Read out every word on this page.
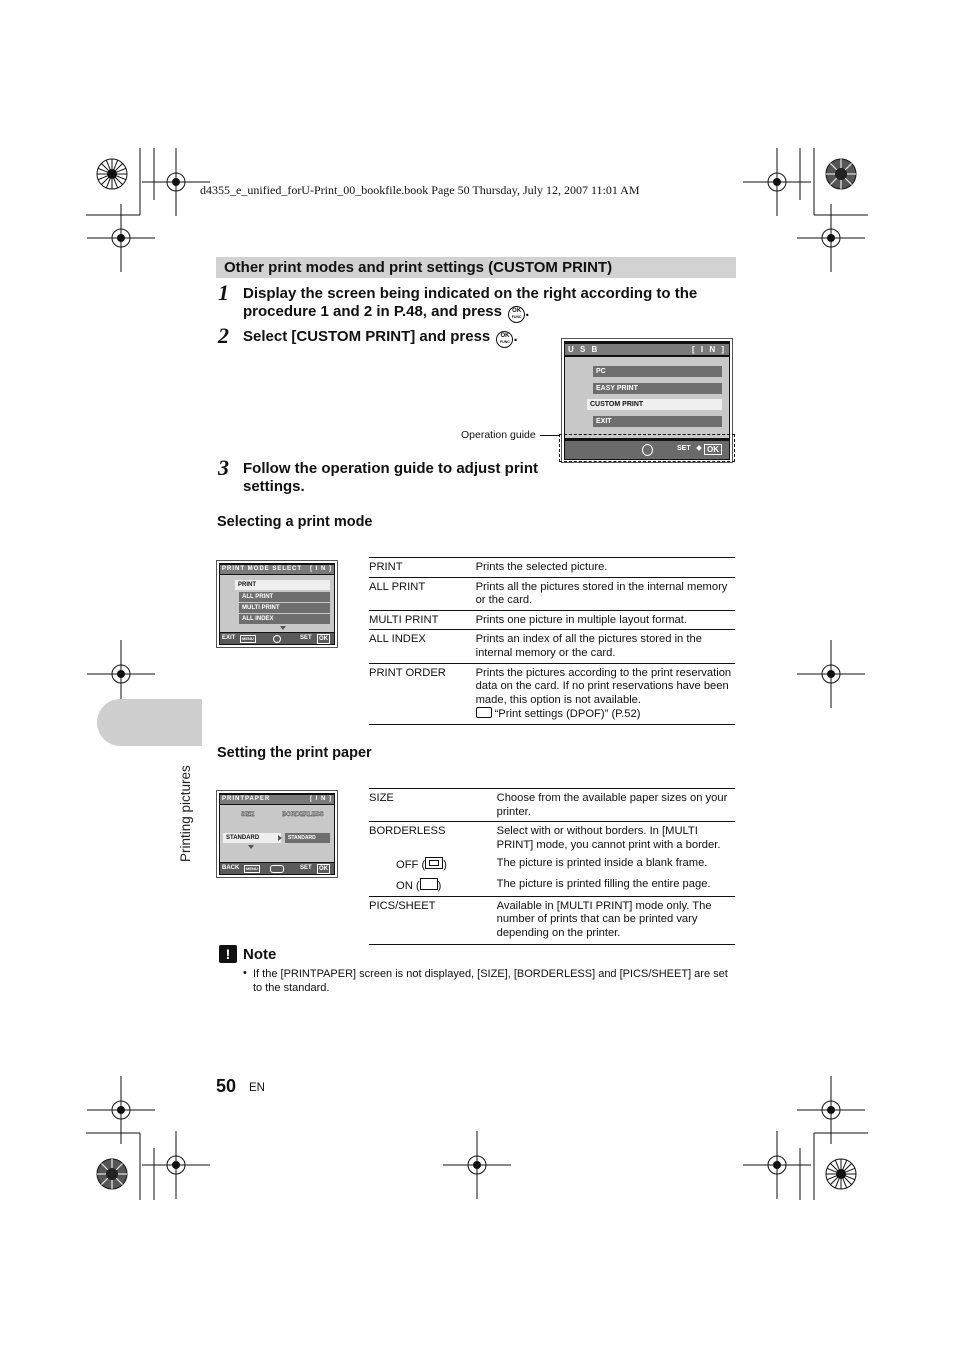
d4355_e_unified_forU-Print_00_bookfile.book Page 50 Thursday, July 12, 2007 11:01 AM
Other print modes and print settings (CUSTOM PRINT)
1 Display the screen being indicated on the right according to the
procedure 1 and 2 in P.48, and press	OK
FUNC .
2 Select [CUSTOM PRINT] and press	OK
FUNC .
U S B	[ I N ]
PC
EASY PRINT
CUSTOM PRINT
EXIT
SET	OK
Operation guide
3 Follow the operation guide to adjust print
settings.
Selecting a print mode
PRINT MODE SELECT [ I N ]
PRINT
ALL PRINT
MULTI PRINT
ALL INDEX
EXIT	MENU	SET	OK
PRINT	Prints the selected picture.
ALL PRINT	Prints all the pictures stored in the internal memory or the card.
MULTI PRINT	Prints one picture in multiple layout format.
ALL INDEX	Prints an index of all the pictures stored in the internal memory or the card.
PRINT ORDER	Prints the pictures according to the print reservation data on the card. If no print reservations have been made, this option is not available.
“Print settings (DPOF)” (P.52)
Printing pictures
Setting the print paper
PRINTPAPER	[ I N ]
SIZE	BORDERLESS
STANDARD	STANDARD
BACK	MENU	SET	OK
SIZE	Choose from the available paper sizes on your printer.
BORDERLESS	Select with or without borders. In [MULTI PRINT] mode, you cannot print with a border.
OFF ( )	The picture is printed inside a blank frame.
ON ( )	The picture is printed filling the entire page.
PICS/SHEET	Available in [MULTI PRINT] mode only. The number of prints that can be printed vary depending on the printer.
! Note
• If the [PRINTPAPER] screen is not displayed, [SIZE], [BORDERLESS] and [PICS/SHEET] are set to the standard.
50 EN
